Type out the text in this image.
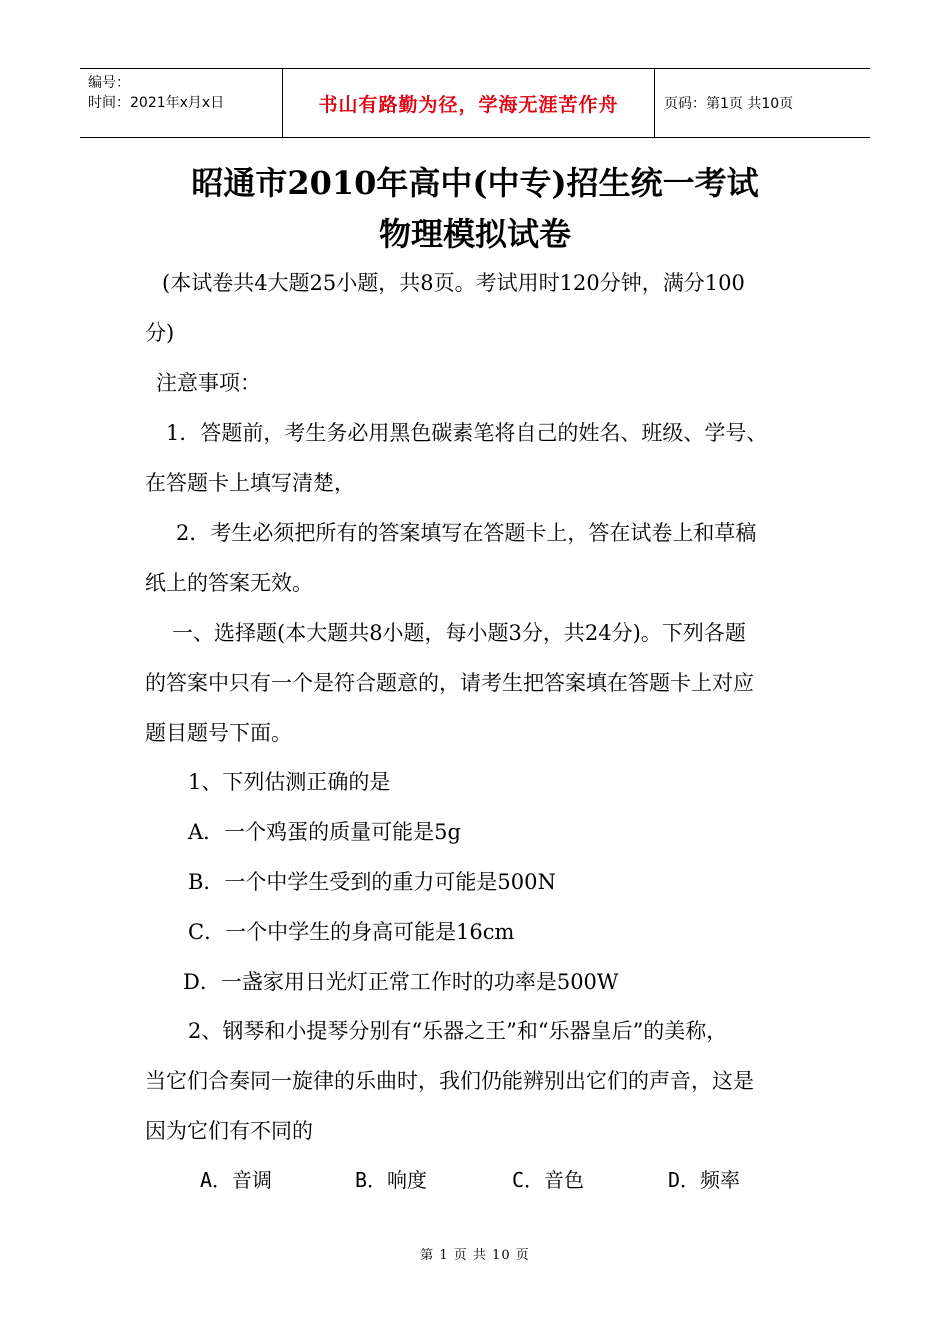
编号：
时间：2021年x月x日	书山有路勤为径，学海无涯苦作舟	页码：第1页 共10页
昭通市2010年高中(中专)招生统一考试
物理模拟试卷
(本试卷共4大题25小题，共8页。考试用时120分钟，满分100
分)
注意事项：
1．答题前，考生务必用黑色碳素笔将自己的姓名、班级、学号、
在答题卡上填写清楚，
2．考生必须把所有的答案填写在答题卡上，答在试卷上和草稿
纸上的答案无效。
一、选择题(本大题共8小题，每小题3分，共24分)。下列各题
的答案中只有一个是符合题意的，请考生把答案填在答题卡上对应
题目题号下面。
1、下列估测正确的是
A．一个鸡蛋的质量可能是5g
B．一个中学生受到的重力可能是500N
C．一个中学生的身高可能是16cm
D．一盏家用日光灯正常工作时的功率是500W
2、钢琴和小提琴分别有“乐器之王”和“乐器皇后”的美称，
当它们合奏同一旋律的乐曲时，我们仍能辨别出它们的声音，这是
因为它们有不同的
A．音调	B．响度	C．音色	D．频率
第 1 页 共 10 页
